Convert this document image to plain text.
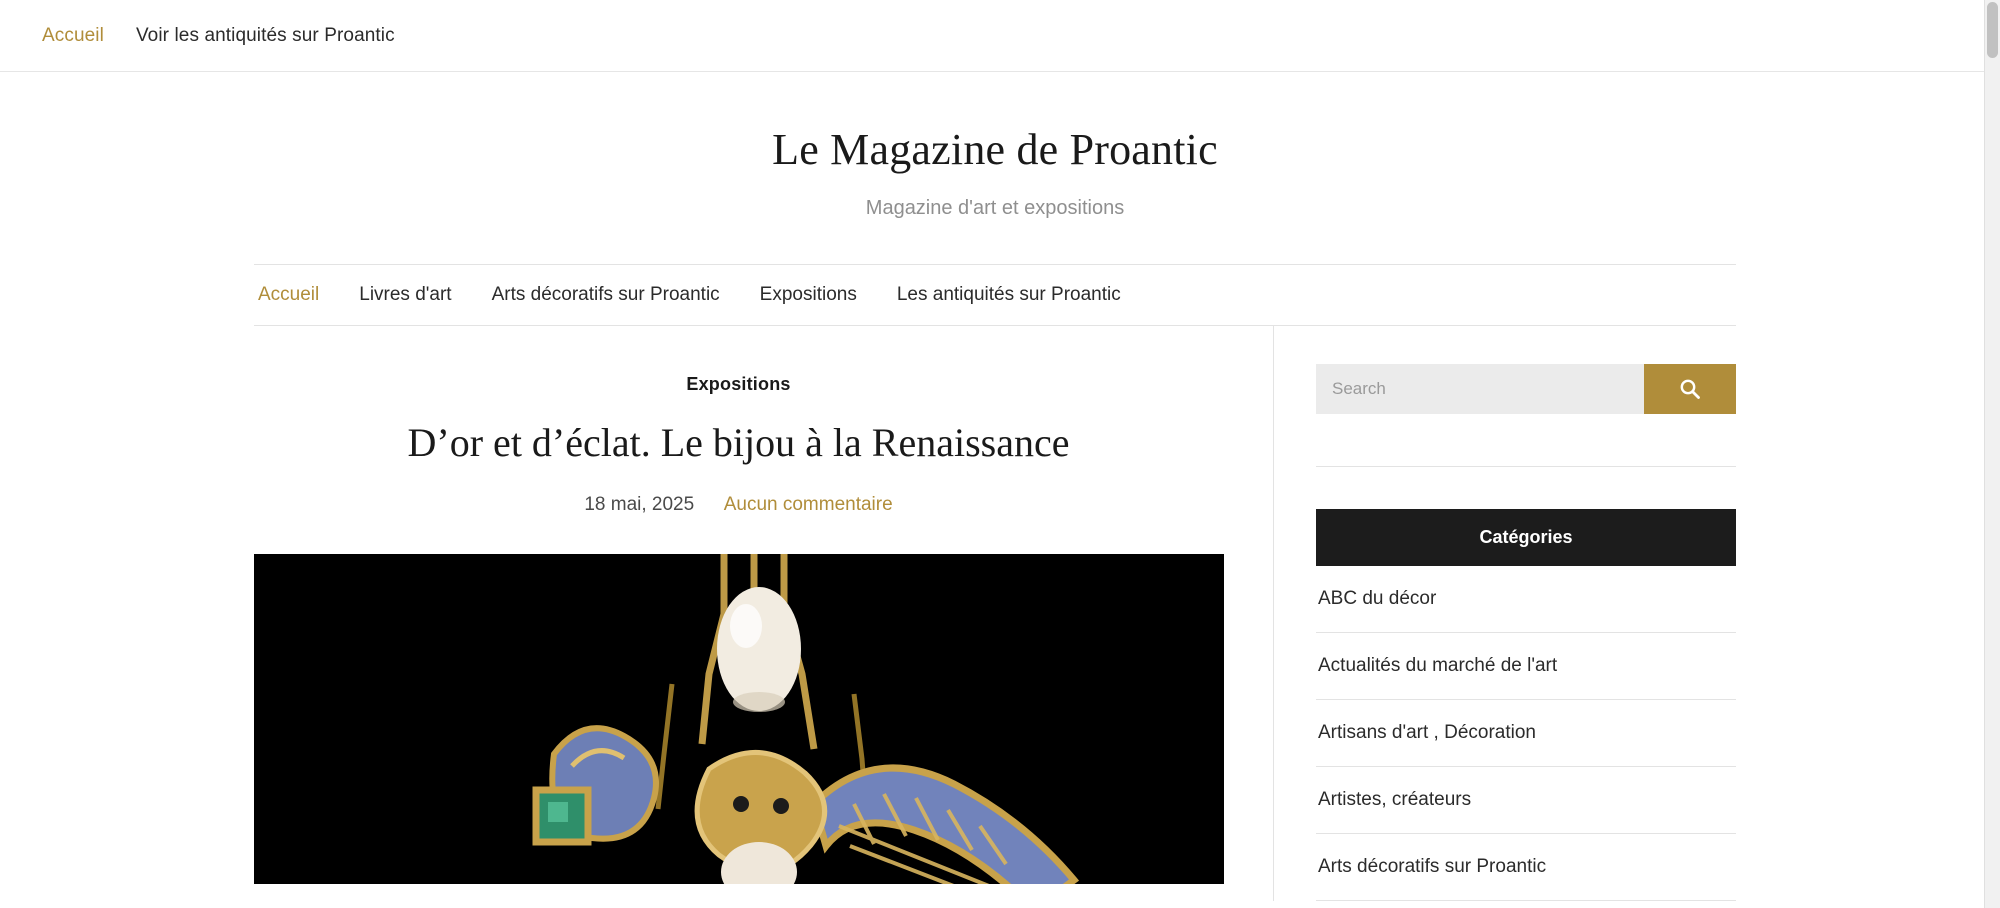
Accueil Voir les antiquités sur Proantic
Le Magazine de Proantic

Magazine d'art et expositions

Accueil Livres d'art Arts décoratifs sur Proantic Expositions Les antiquités sur Proantic
Expositions
D’or et d’éclat. Le bijou à la Renaissance
18 mai, 2025 Aucun commentaire
Search
Catégories
ABC du décor
Actualités du marché de l'art
Artisans d'art , Décoration
Artistes, créateurs
Arts décoratifs sur Proantic
